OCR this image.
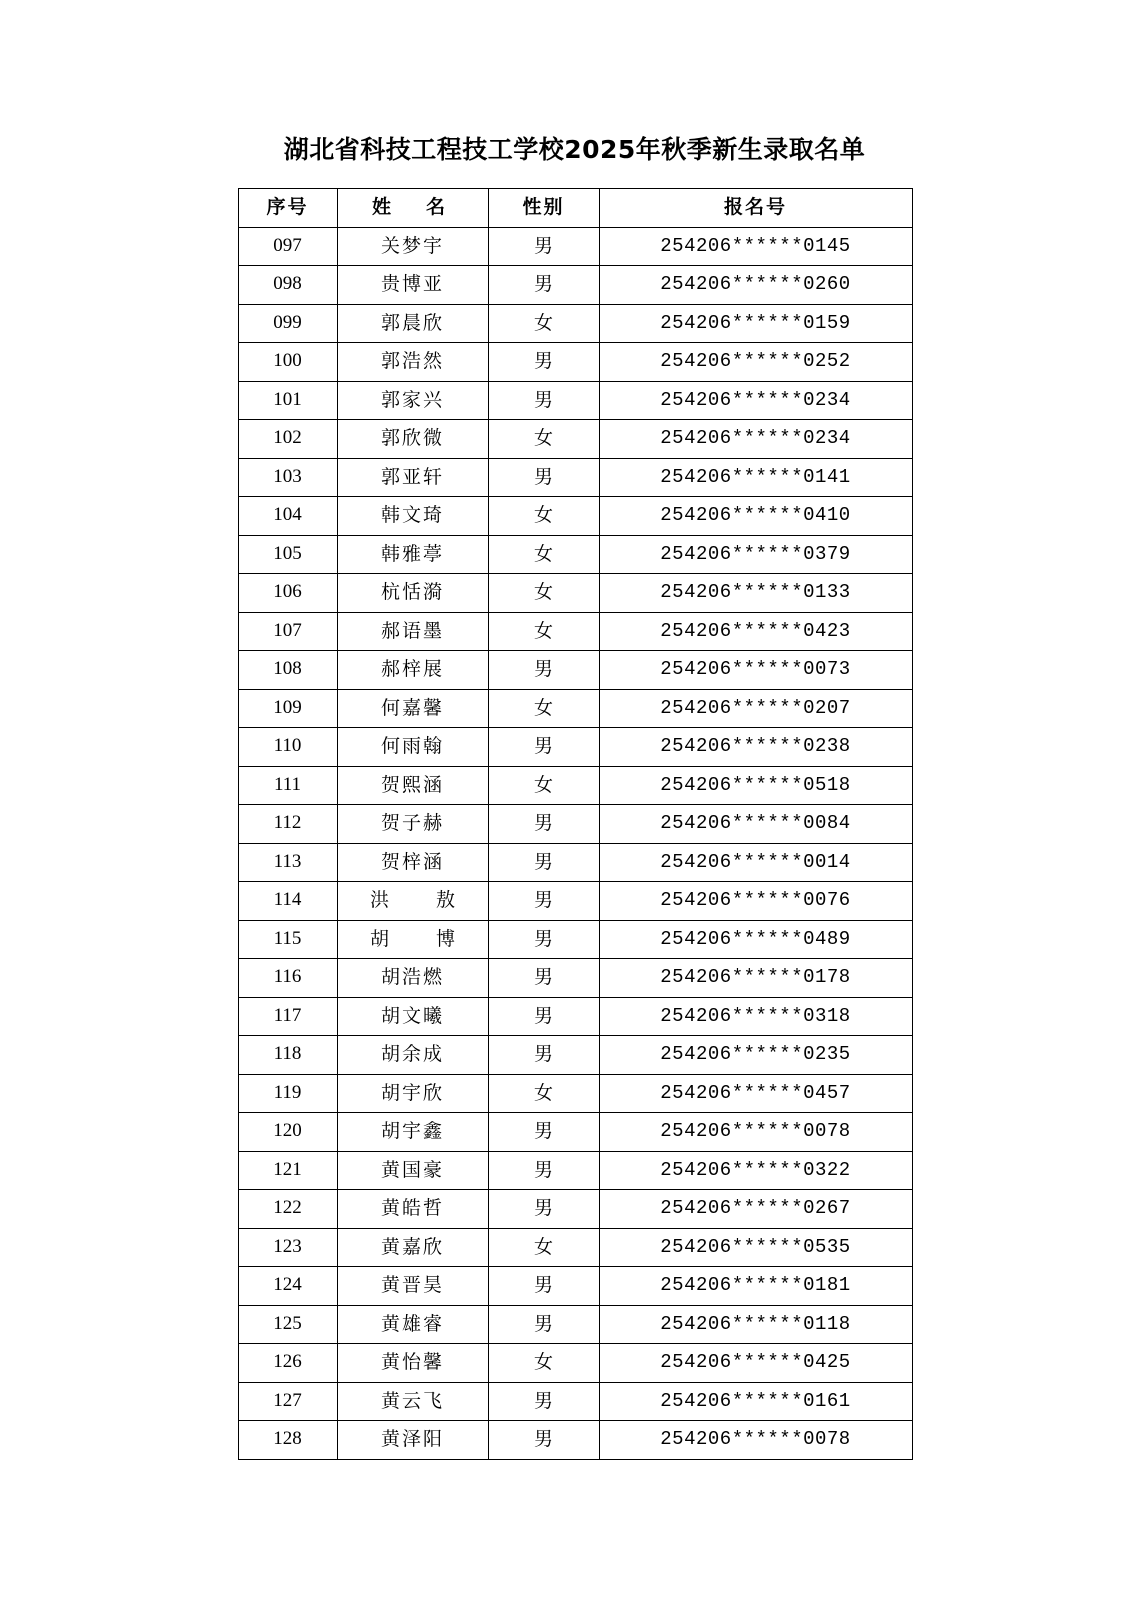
湖北省科技工程技工学校2025年秋季新生录取名单
序号	姓　名	性别	报名号
097	关梦宇	男	254206******0145
098	贵博亚	男	254206******0260
099	郭晨欣	女	254206******0159
100	郭浩然	男	254206******0252
101	郭家兴	男	254206******0234
102	郭欣微	女	254206******0234
103	郭亚轩	男	254206******0141
104	韩文琦	女	254206******0410
105	韩雅葶	女	254206******0379
106	杭恬漪	女	254206******0133
107	郝语墨	女	254206******0423
108	郝梓展	男	254206******0073
109	何嘉馨	女	254206******0207
110	何雨翰	男	254206******0238
111	贺熙涵	女	254206******0518
112	贺子赫	男	254206******0084
113	贺梓涵	男	254206******0014
114	洪　敖	男	254206******0076
115	胡　博	男	254206******0489
116	胡浩燃	男	254206******0178
117	胡文曦	男	254206******0318
118	胡余成	男	254206******0235
119	胡宇欣	女	254206******0457
120	胡宇鑫	男	254206******0078
121	黄国豪	男	254206******0322
122	黄皓哲	男	254206******0267
123	黄嘉欣	女	254206******0535
124	黄晋昊	男	254206******0181
125	黄雄睿	男	254206******0118
126	黄怡馨	女	254206******0425
127	黄云飞	男	254206******0161
128	黄泽阳	男	254206******0078
